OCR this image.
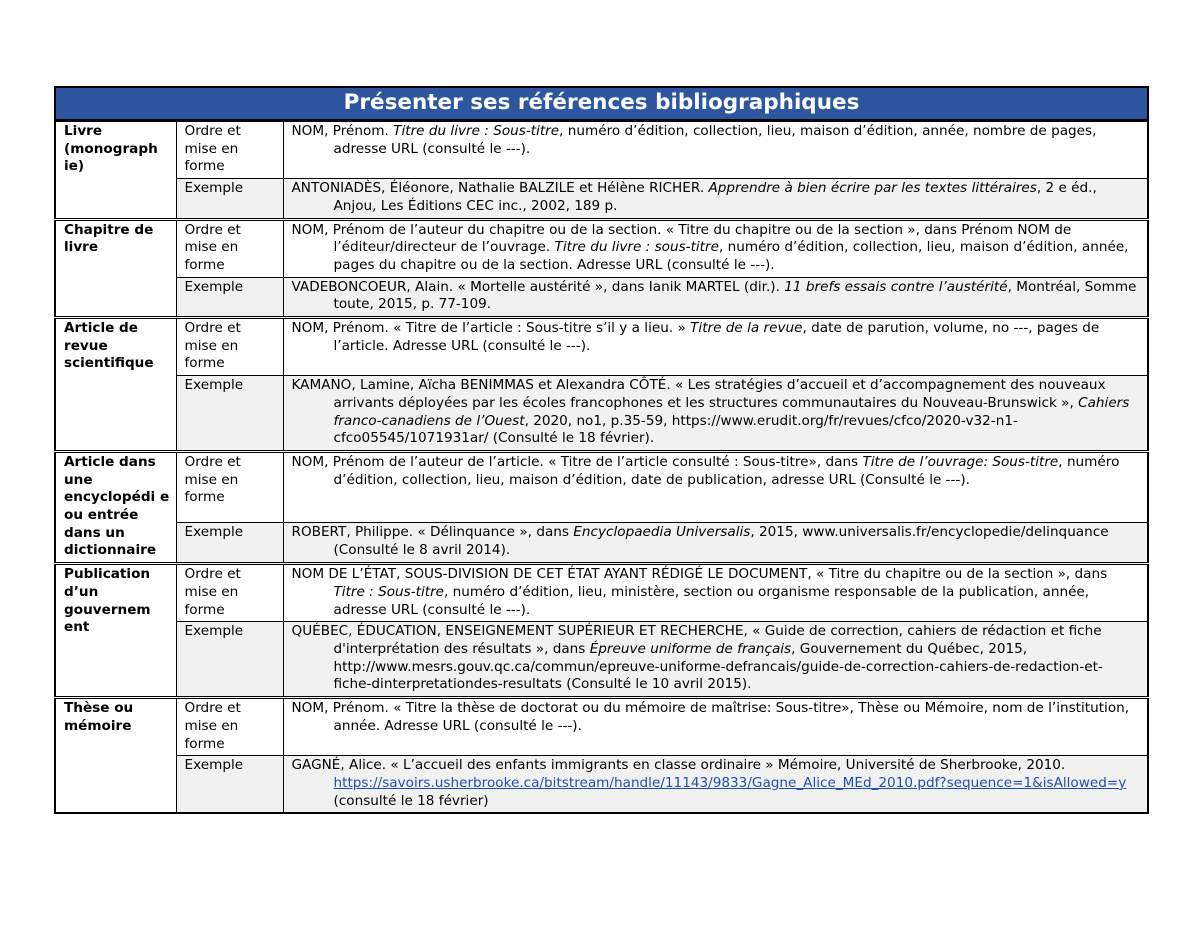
Présenter ses références bibliographiques		
Livre (monograph ie)	Ordre et mise en forme	NOM, Prénom. Titre du livre : Sous-titre, numéro d’édition, collection, lieu, maison d’édition, année, nombre de pages, adresse URL (consulté le ---).

	Exemple	ANTONIADÈS, Éléonore, Nathalie BALZILE et Hélène RICHER. Apprendre à bien écrire par les textes littéraires, 2 e éd., Anjou, Les Éditions CEC inc., 2002, 189 p.

Chapitre de livre	Ordre et mise en forme	NOM, Prénom de l’auteur du chapitre ou de la section. « Titre du chapitre ou de la section », dans Prénom NOM de l’éditeur/directeur de l’ouvrage. Titre du livre : sous-titre, numéro d’édition, collection, lieu, maison d’édition, année, pages du chapitre ou de la section. Adresse URL (consulté le ---).

	Exemple	VADEBONCOEUR, Alain. « Mortelle austérité », dans Ianik MARTEL (dir.). 11 brefs essais contre l’austérité, Montréal, Somme toute, 2015, p. 77-109.

Article de revue scientifique	Ordre et mise en forme	NOM, Prénom. « Titre de l’article : Sous-titre s’il y a lieu. » Titre de la revue, date de parution, volume, no ---, pages de l’article. Adresse URL (consulté le ---).

	Exemple	KAMANO, Lamine, Aïcha BENIMMAS et Alexandra CÔTÉ. « Les stratégies d’accueil et d’accompagnement des nouveaux arrivants déployées par les écoles francophones et les structures communautaires du Nouveau-Brunswick », Cahiers franco-canadiens de l’Ouest, 2020, no1, p.35-59, https://www.erudit.org/fr/revues/cfco/2020-v32-n1-cfco05545/1071931ar/ (Consulté le 18 février).

Article dans une encyclopédi e ou entrée dans un dictionnaire	Ordre et mise en forme	NOM, Prénom de l’auteur de l’article. « Titre de l’article consulté : Sous-titre», dans Titre de l’ouvrage: Sous-titre, numéro d’édition, collection, lieu, maison d’édition, date de publication, adresse URL (Consulté le ---).

	Exemple	ROBERT, Philippe. « Délinquance », dans Encyclopaedia Universalis, 2015, www.universalis.fr/encyclopedie/delinquance (Consulté le 8 avril 2014).

Publication d’un gouvernem ent	Ordre et mise en forme	NOM DE L’ÉTAT, SOUS-DIVISION DE CET ÉTAT AYANT RÉDIGÉ LE DOCUMENT, « Titre du chapitre ou de la section », dans Titre : Sous-titre, numéro d’édition, lieu, ministère, section ou organisme responsable de la publication, année, adresse URL (consulté le ---).

	Exemple	QUÉBEC, ÉDUCATION, ENSEIGNEMENT SUPÉRIEUR ET RECHERCHE, « Guide de correction, cahiers de rédaction et fiche d'interprétation des résultats », dans Épreuve uniforme de français, Gouvernement du Québec, 2015, http://www.mesrs.gouv.qc.ca/commun/epreuve-uniforme-defrancais/guide-de-correction-cahiers-de-redaction-et-fiche-dinterpretationdes-resultats (Consulté le 10 avril 2015).

Thèse ou mémoire	Ordre et mise en forme	NOM, Prénom. « Titre la thèse de doctorat ou du mémoire de maîtrise: Sous-titre», Thèse ou Mémoire, nom de l’institution, année. Adresse URL (consulté le ---).

	Exemple	GAGNÉ, Alice. « L’accueil des enfants immigrants en classe ordinaire » Mémoire, Université de Sherbrooke, 2010. https://savoirs.usherbrooke.ca/bitstream/handle/11143/9833/Gagne_Alice_MEd_2010.pdf?sequence=1&isAllowed=y (consulté le 18 février)
